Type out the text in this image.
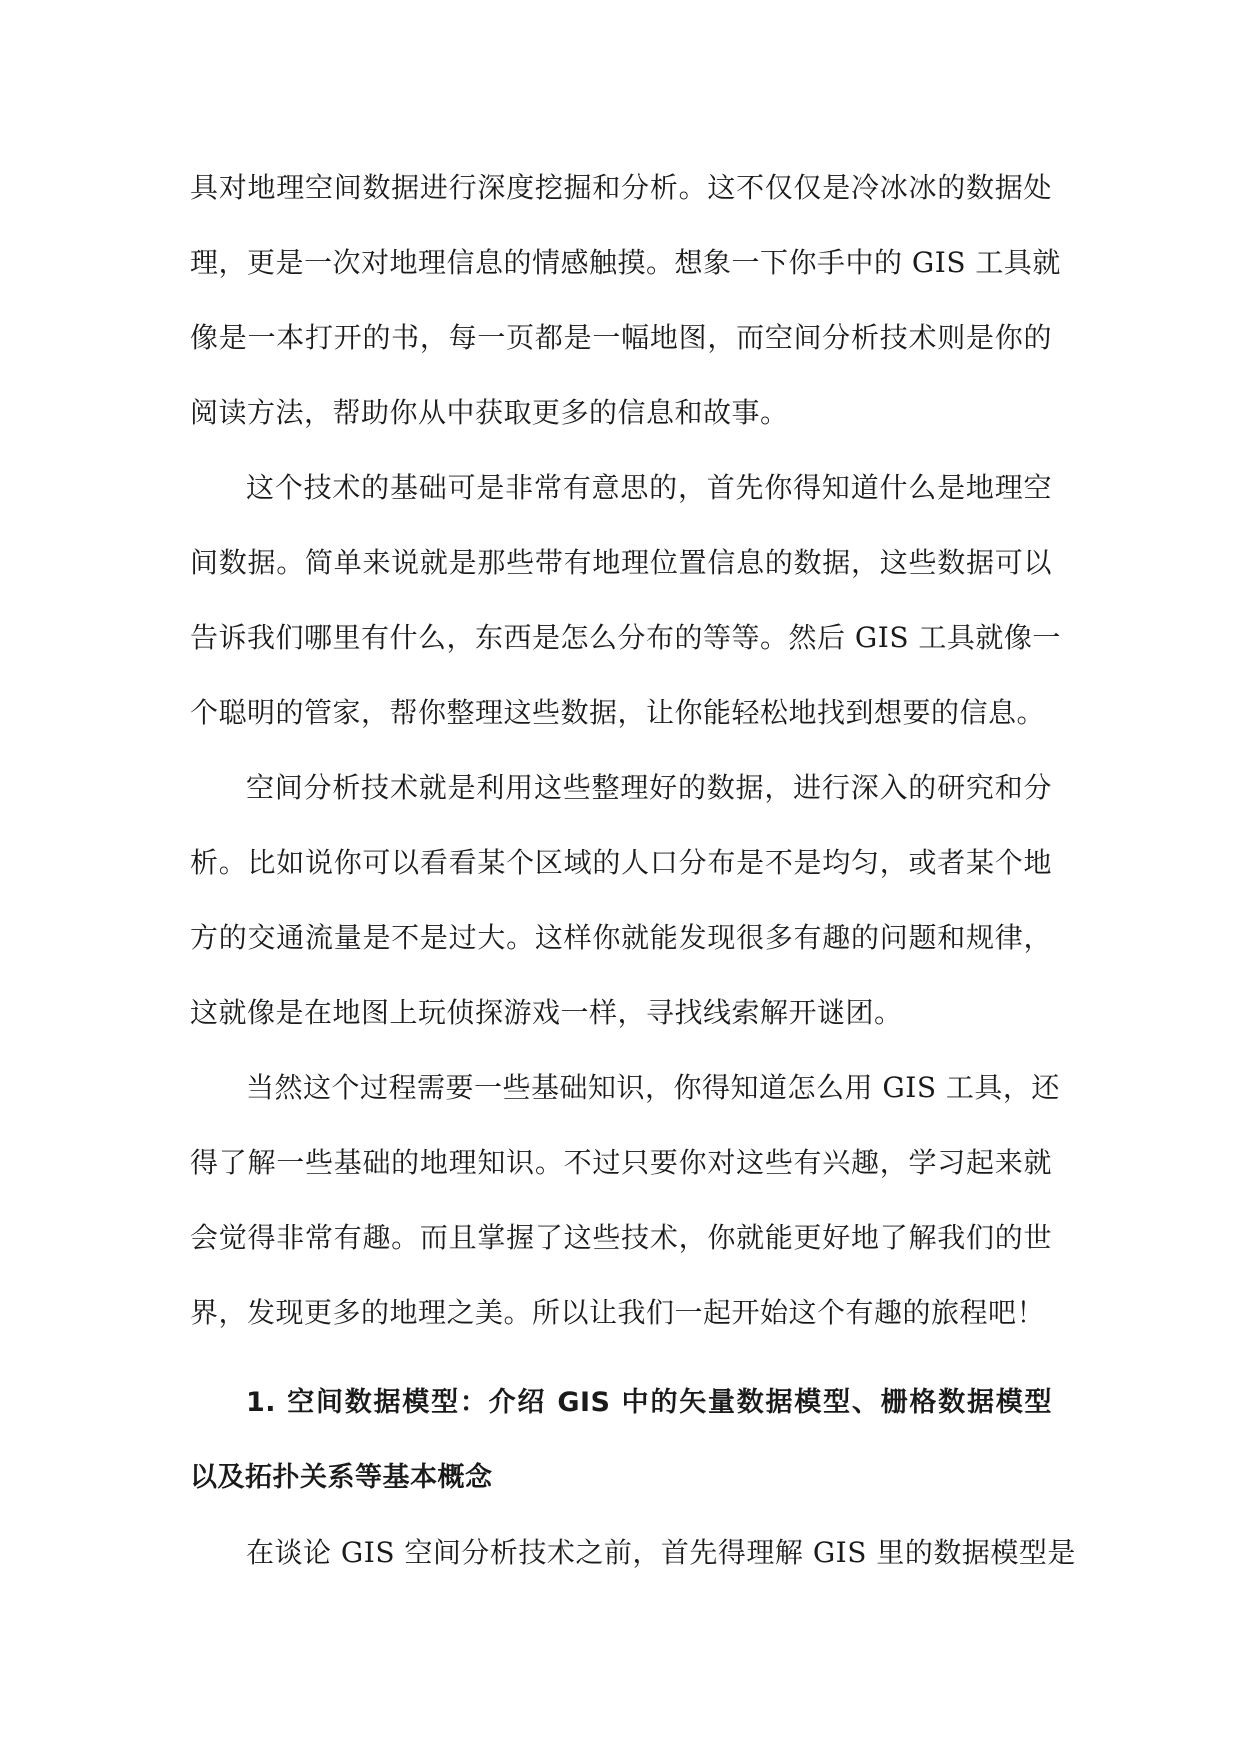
具对地理空间数据进行深度挖掘和分析。这不仅仅是冷冰冰的数据处
理，更是一次对地理信息的情感触摸。想象一下你手中的 GIS 工具就
像是一本打开的书，每一页都是一幅地图，而空间分析技术则是你的
阅读方法，帮助你从中获取更多的信息和故事。
这个技术的基础可是非常有意思的，首先你得知道什么是地理空
间数据。简单来说就是那些带有地理位置信息的数据，这些数据可以
告诉我们哪里有什么，东西是怎么分布的等等。然后 GIS 工具就像一
个聪明的管家，帮你整理这些数据，让你能轻松地找到想要的信息。
空间分析技术就是利用这些整理好的数据，进行深入的研究和分
析。比如说你可以看看某个区域的人口分布是不是均匀，或者某个地
方的交通流量是不是过大。这样你就能发现很多有趣的问题和规律，
这就像是在地图上玩侦探游戏一样，寻找线索解开谜团。
当然这个过程需要一些基础知识，你得知道怎么用 GIS 工具，还
得了解一些基础的地理知识。不过只要你对这些有兴趣，学习起来就
会觉得非常有趣。而且掌握了这些技术，你就能更好地了解我们的世
界，发现更多的地理之美。所以让我们一起开始这个有趣的旅程吧！
1. 空间数据模型：介绍 GIS 中的矢量数据模型、栅格数据模型
以及拓扑关系等基本概念
在谈论 GIS 空间分析技术之前，首先得理解 GIS 里的数据模型是
